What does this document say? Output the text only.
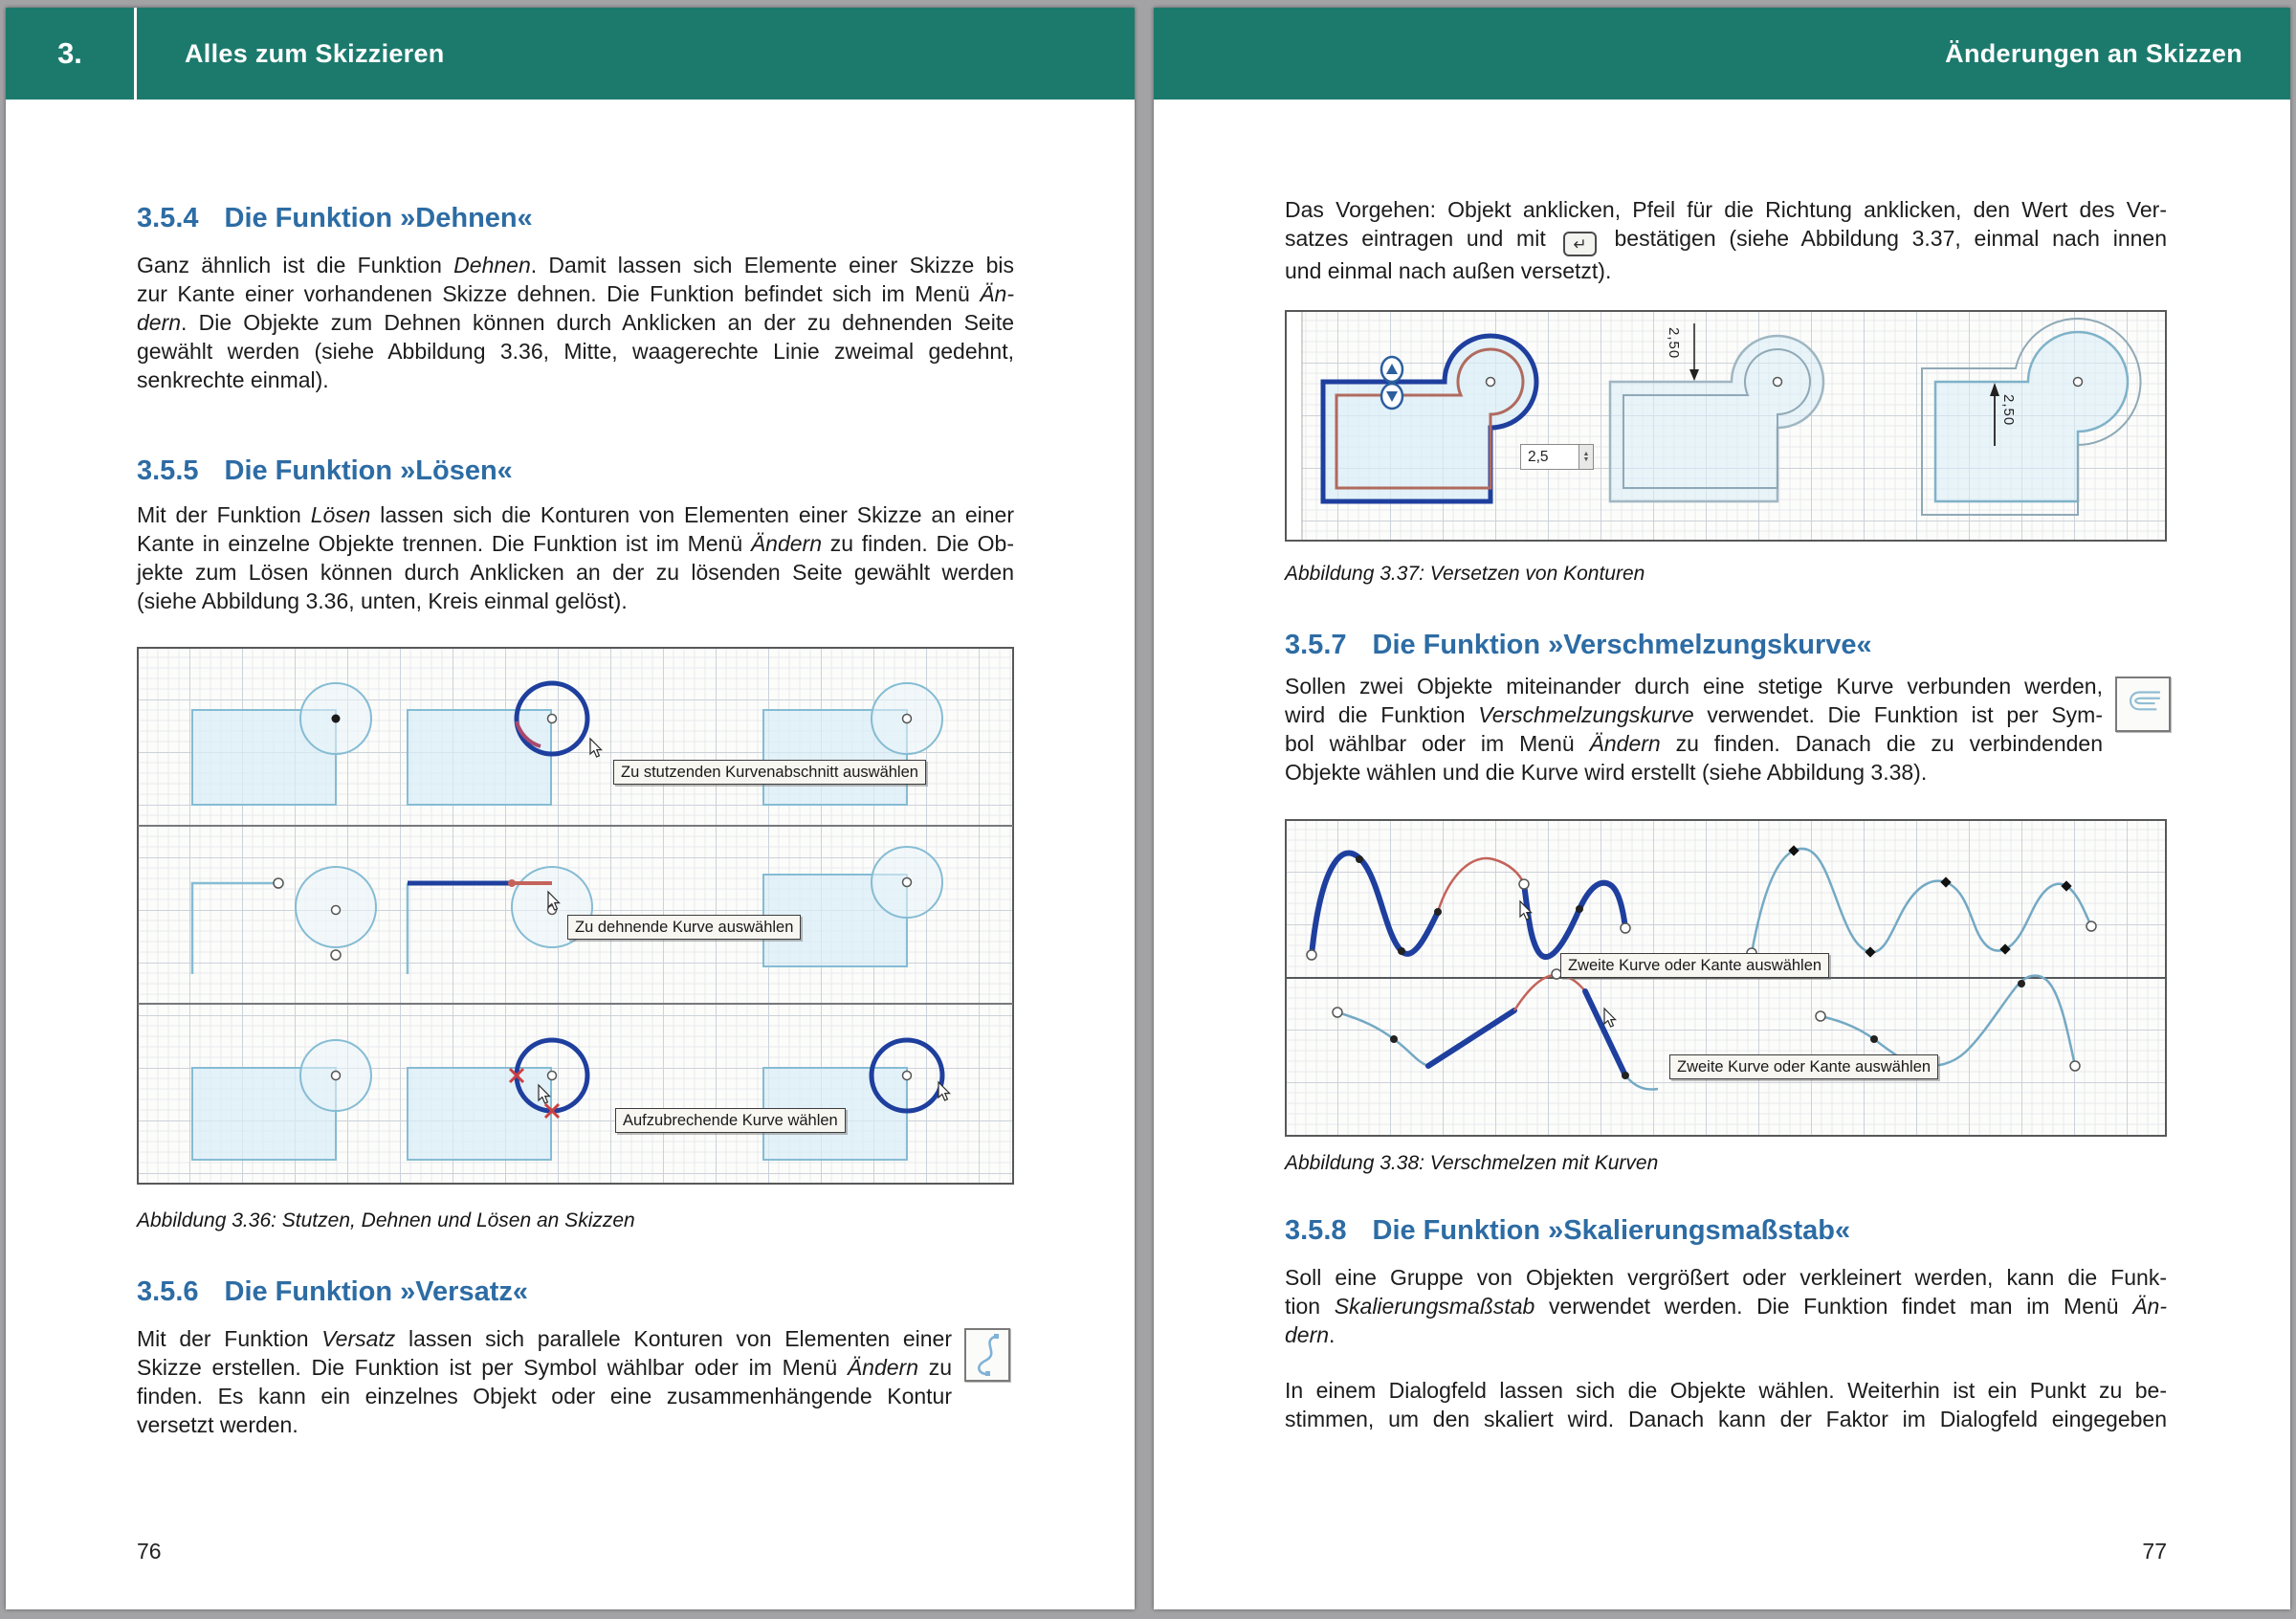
3.	Alles zum Skizzieren
3.5.4 Die Funktion »Dehnen«
Ganz ähnlich ist die Funktion Dehnen. Damit lassen sich Elemente einer Skizze bis
zur Kante einer vorhandenen Skizze dehnen. Die Funktion befindet sich im Menü Än-
dern. Die Objekte zum Dehnen können durch Anklicken an der zu dehnenden Seite
gewählt werden (siehe Abbildung 3.36, Mitte, waagerechte Linie zweimal gedehnt,
senkrechte einmal).
3.5.5 Die Funktion »Lösen«
Mit der Funktion Lösen lassen sich die Konturen von Elementen einer Skizze an einer
Kante in einzelne Objekte trennen. Die Funktion ist im Menü Ändern zu finden. Die Ob-
jekte zum Lösen können durch Anklicken an der zu lösenden Seite gewählt werden
(siehe Abbildung 3.36, unten, Kreis einmal gelöst).
Zu stutzenden Kurvenabschnitt auswählen
Zu dehnende Kurve auswählen
Aufzubrechende Kurve wählen
Abbildung 3.36: Stutzen, Dehnen und Lösen an Skizzen
3.5.6 Die Funktion »Versatz«
Mit der Funktion Versatz lassen sich parallele Konturen von Elementen einer
Skizze erstellen. Die Funktion ist per Symbol wählbar oder im Menü Ändern zu
finden. Es kann ein einzelnes Objekt oder eine zusammenhängende Kontur
versetzt werden.
76
Änderungen an Skizzen
Das Vorgehen: Objekt anklicken, Pfeil für die Richtung anklicken, den Wert des Ver-
satzes eintragen und mit ↵ bestätigen (siehe Abbildung 3.37, einmal nach innen
und einmal nach außen versetzt).
2,5	▲
▼
2,50
2,50
Abbildung 3.37: Versetzen von Konturen
3.5.7 Die Funktion »Verschmelzungskurve«
Sollen zwei Objekte miteinander durch eine stetige Kurve verbunden werden,
wird die Funktion Verschmelzungskurve verwendet. Die Funktion ist per Sym-
bol wählbar oder im Menü Ändern zu finden. Danach die zu verbindenden
Objekte wählen und die Kurve wird erstellt (siehe Abbildung 3.38).
Zweite Kurve oder Kante auswählen
Zweite Kurve oder Kante auswählen
Abbildung 3.38: Verschmelzen mit Kurven
3.5.8 Die Funktion »Skalierungsmaßstab«
Soll eine Gruppe von Objekten vergrößert oder verkleinert werden, kann die Funk-
tion Skalierungsmaßstab verwendet werden. Die Funktion findet man im Menü Än-
dern.
In einem Dialogfeld lassen sich die Objekte wählen. Weiterhin ist ein Punkt zu be-
stimmen, um den skaliert wird. Danach kann der Faktor im Dialogfeld eingegeben
77
